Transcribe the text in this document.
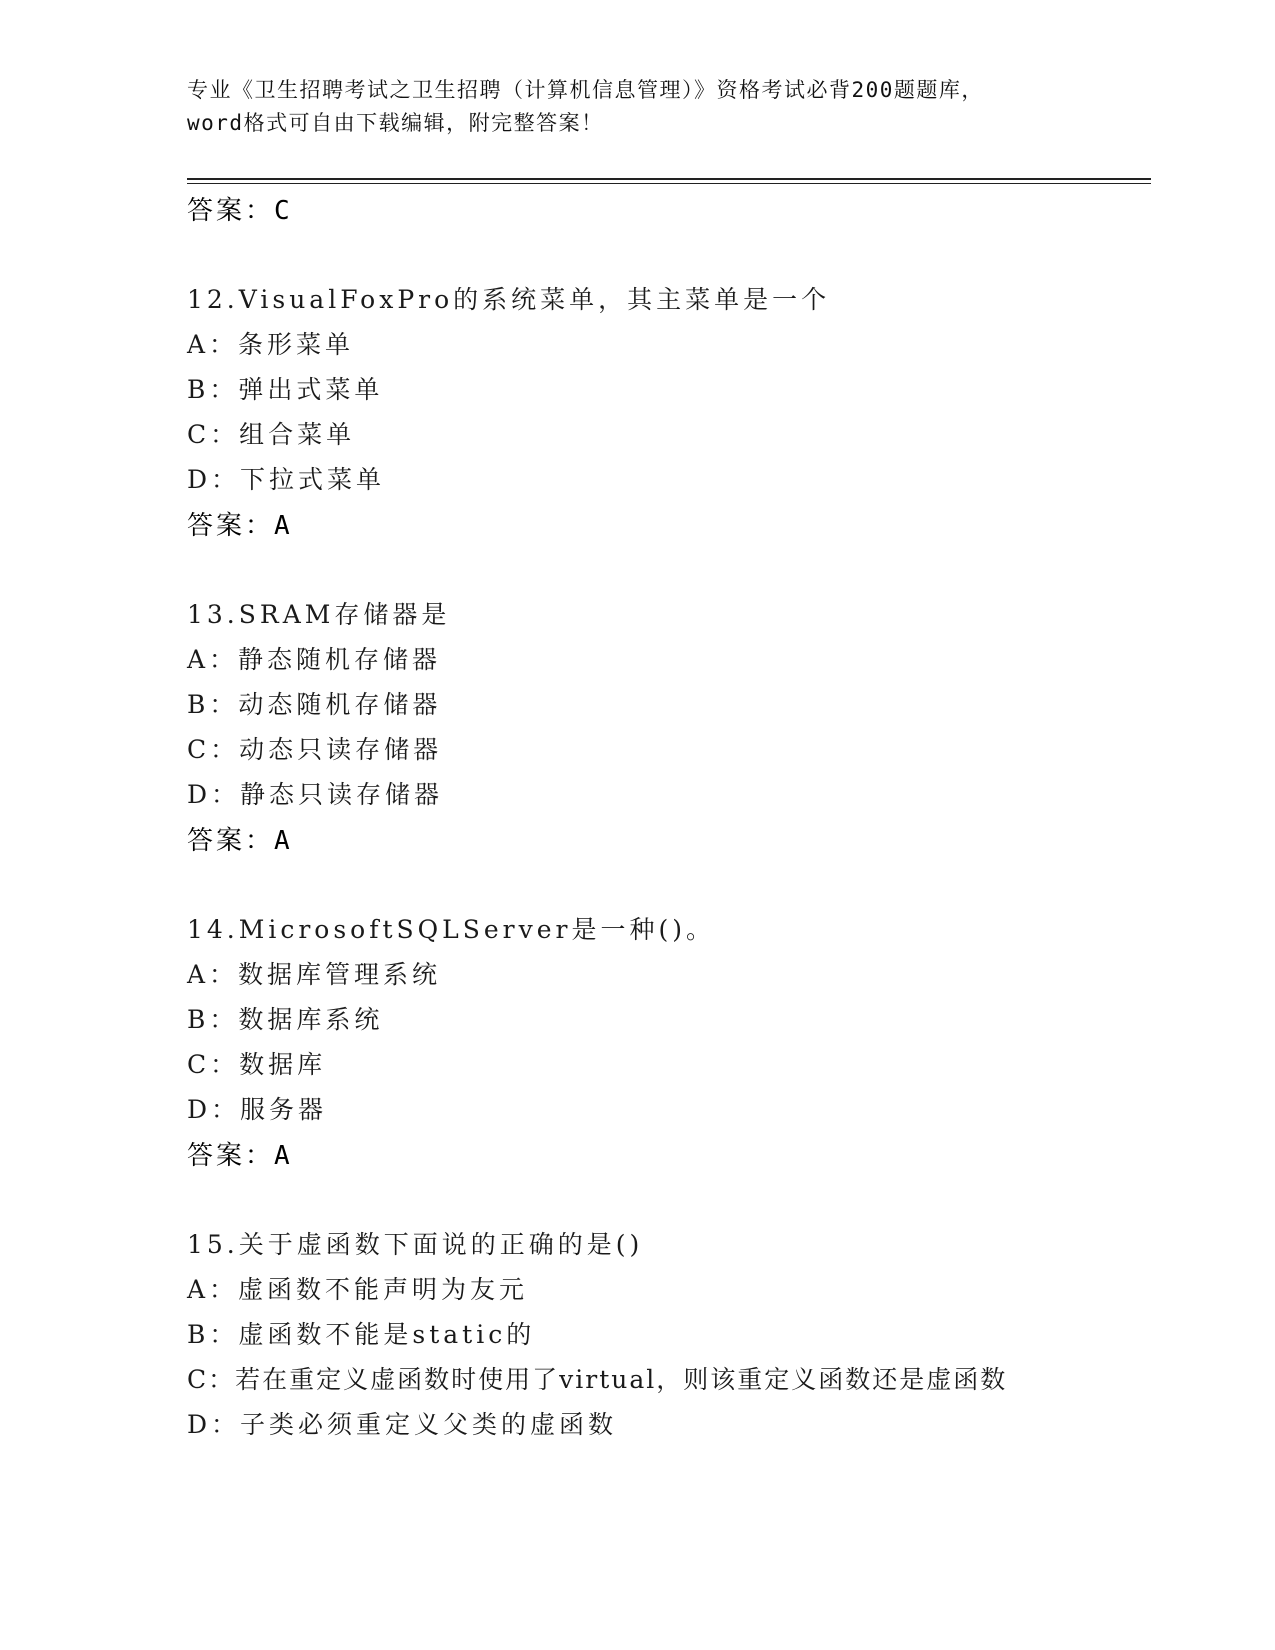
专业《卫生招聘考试之卫生招聘（计算机信息管理）》资格考试必背200题题库，
word格式可自由下载编辑，附完整答案！
答案：C
12.VisualFoxPro的系统菜单，其主菜单是一个
A：条形菜单
B：弹出式菜单
C：组合菜单
D：下拉式菜单
答案：A
13.SRAM存储器是
A：静态随机存储器
B：动态随机存储器
C：动态只读存储器
D：静态只读存储器
答案：A
14.MicrosoftSQLServer是一种()。
A：数据库管理系统
B：数据库系统
C：数据库
D：服务器
答案：A
15.关于虚函数下面说的正确的是()
A：虚函数不能声明为友元
B：虚函数不能是static的
C：若在重定义虚函数时使用了virtual，则该重定义函数还是虚函数
D：子类必须重定义父类的虚函数
